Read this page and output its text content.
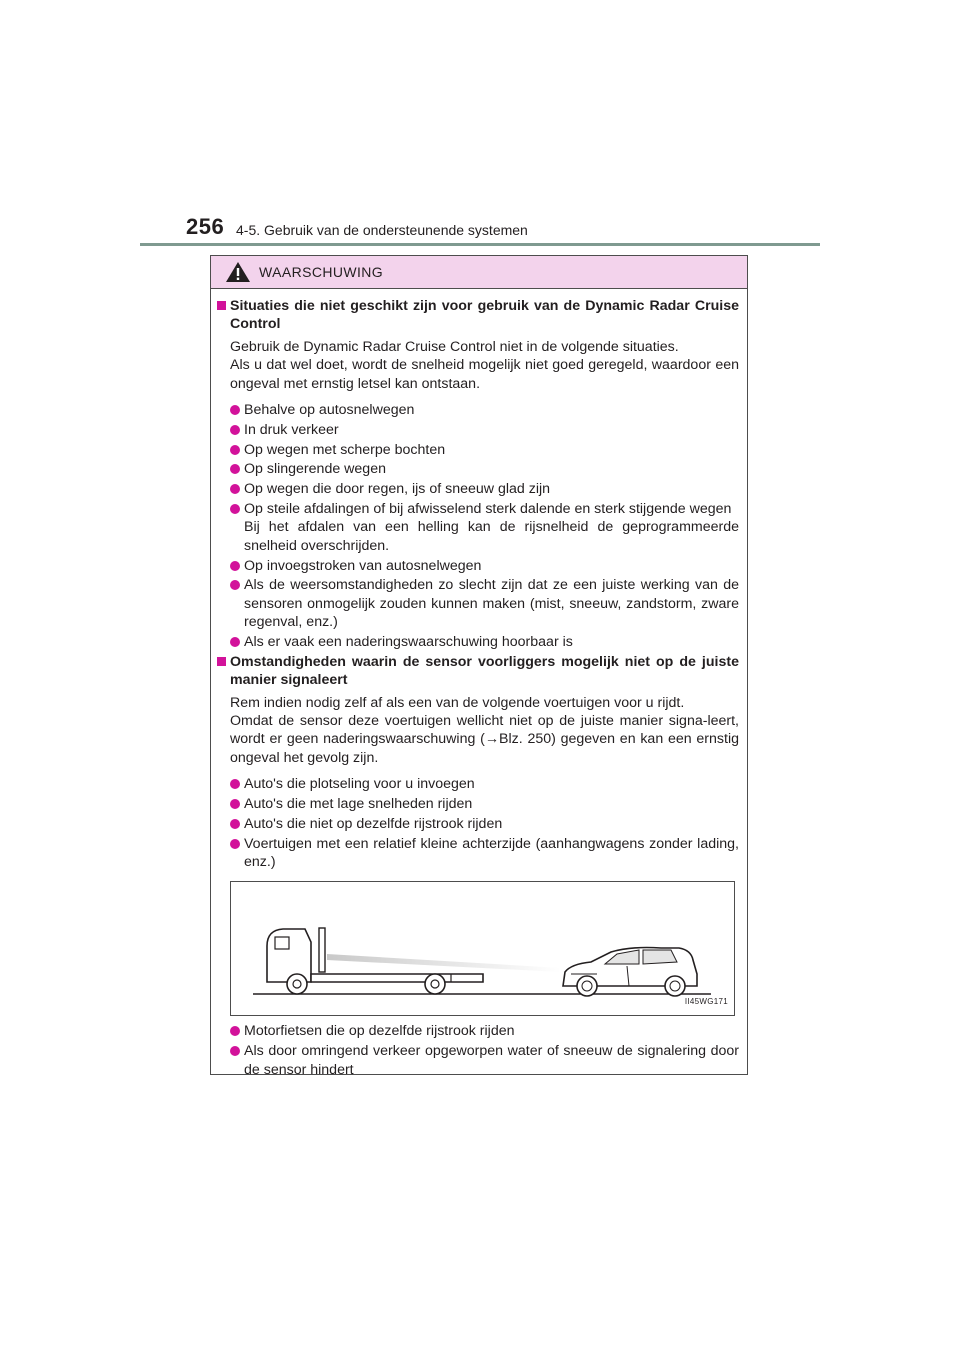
256 4-5. Gebruik van de ondersteunende systemen
WAARSCHUWING
Situaties die niet geschikt zijn voor gebruik van de Dynamic Radar Cruise Control
Gebruik de Dynamic Radar Cruise Control niet in de volgende situaties.
Als u dat wel doet, wordt de snelheid mogelijk niet goed geregeld, waardoor een ongeval met ernstig letsel kan ontstaan.
Behalve op autosnelwegen
In druk verkeer
Op wegen met scherpe bochten
Op slingerende wegen
Op wegen die door regen, ijs of sneeuw glad zijn
Op steile afdalingen of bij afwisselend sterk dalende en sterk stijgende wegen
Bij het afdalen van een helling kan de rijsnelheid de geprogrammeerde snelheid overschrijden.
Op invoegstroken van autosnelwegen
Als de weersomstandigheden zo slecht zijn dat ze een juiste werking van de sensoren onmogelijk zouden kunnen maken (mist, sneeuw, zandstorm, zware regenval, enz.)
Als er vaak een naderingswaarschuwing hoorbaar is
Omstandigheden waarin de sensor voorliggers mogelijk niet op de juiste manier signaleert
Rem indien nodig zelf af als een van de volgende voertuigen voor u rijdt.
Omdat de sensor deze voertuigen wellicht niet op de juiste manier signa-leert, wordt er geen naderingswaarschuwing (→Blz. 250) gegeven en kan een ernstig ongeval het gevolg zijn.
Auto's die plotseling voor u invoegen
Auto's die met lage snelheden rijden
Auto's die niet op dezelfde rijstrook rijden
Voertuigen met een relatief kleine achterzijde (aanhangwagens zonder lading, enz.)
II45WG171
Motorfietsen die op dezelfde rijstrook rijden
Als door omringend verkeer opgeworpen water of sneeuw de signalering door de sensor hindert
